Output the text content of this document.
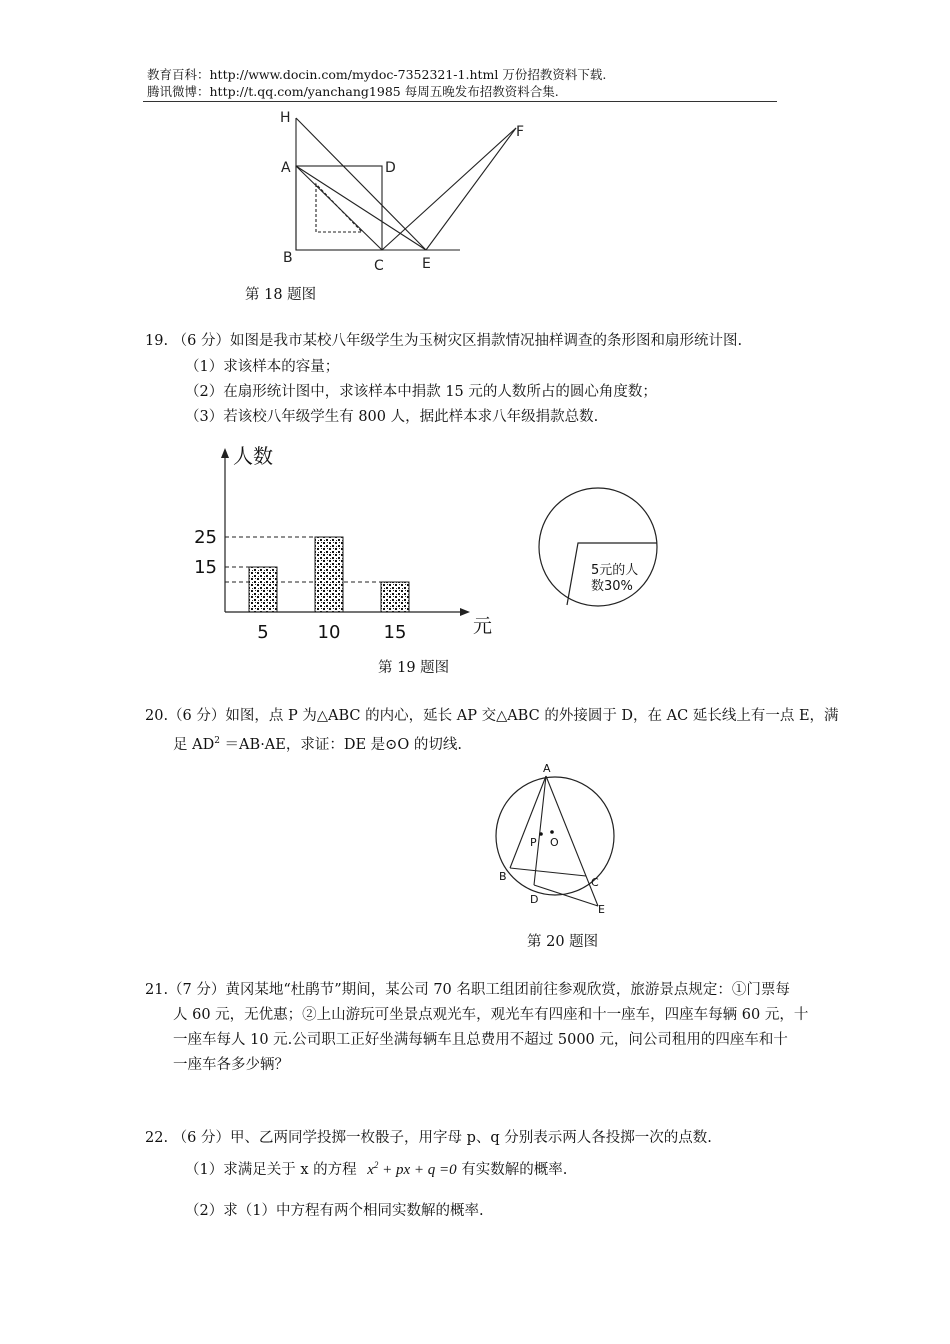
教育百科：http://www.docin.com/mydoc-7352321-1.html 万份招教资料下载.
腾讯微博：http://t.qq.com/yanchang1985 每周五晚发布招教资料合集.
H
A	D
F
B	C	E
第 18 题图
19. （6 分）如图是我市某校八年级学生为玉树灾区捐款情况抽样调查的条形图和扇形统计图.
（1）求该样本的容量；
（2）在扇形统计图中，求该样本中捐款 15 元的人数所占的圆心角度数；
（3）若该校八年级学生有 800 人，据此样本求八年级捐款总数.
人数
元
15
25
5	10 15
5元的人
数30%
第 19 题图
20.（6 分）如图，点 P 为△ABC 的内心，延长 AP 交△ABC 的外接圆于 D，在 AC 延长线上有一点 E，满
足 $AD^2 =AB\cdot AE$，求证：DE 是⊙O 的切线.
A
P O
B	C
D
E
第 20 题图
21.（7 分）黄冈某地“杜鹃节”期间，某公司 70 名职工组团前往参观欣赏，旅游景点规定：①门票每
人 60 元，无优惠；②上山游玩可坐景点观光车，观光车有四座和十一座车，四座车每辆 60 元，十
一座车每人 10 元.公司职工正好坐满每辆车且总费用不超过 5000 元，问公司租用的四座车和十
一座车各多少辆？
22. （6 分）甲、乙两同学投掷一枚骰子，用字母 p、q 分别表示两人各投掷一次的点数.
（1）求满足关于 x 的方程 $x^2$ + px + q =0 有实数解的概率.
（2）求（1）中方程有两个相同实数解的概率.
